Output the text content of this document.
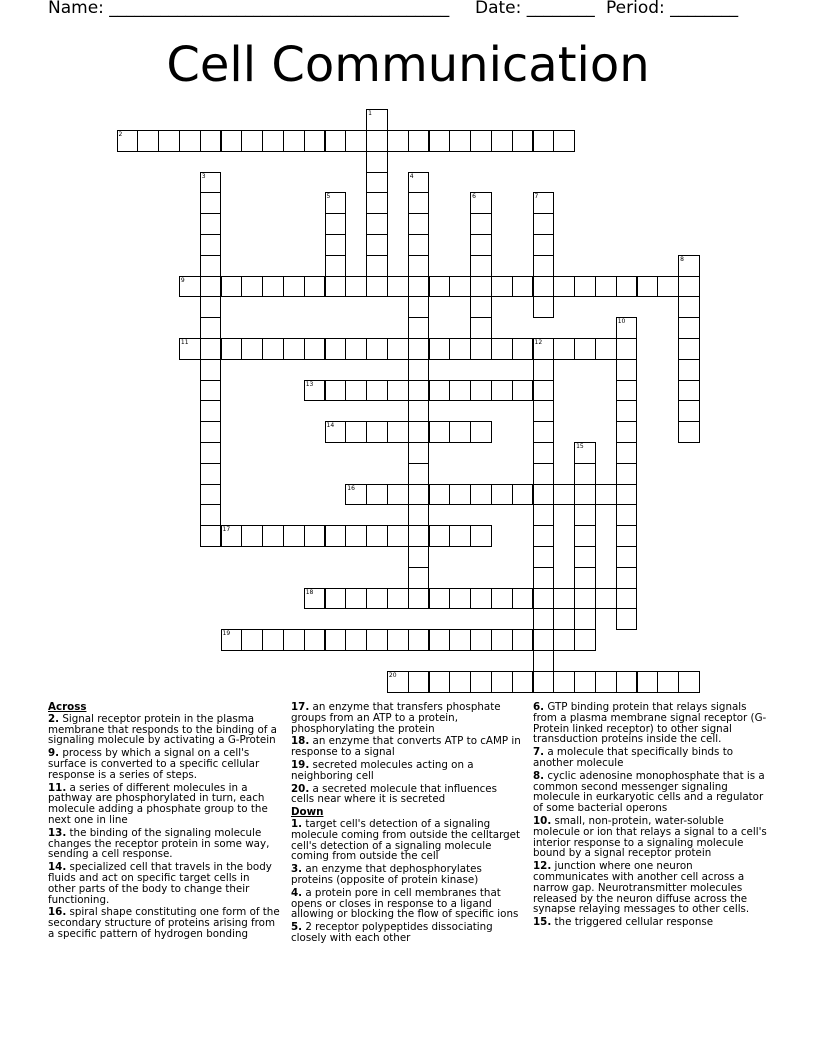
Name: ________________________________________ Date: ________ Period: ________
Cell Communication
2
9
11	12
13
14
16
17
18
19
20
1
3	4
5	6	7
8
10
15
Across
2. Signal receptor protein in the plasma membrane that responds to the binding of a signaling molecule by activating a G-Protein
9. process by which a signal on a cell's surface is converted to a specific cellular response is a series of steps.
11. a series of different molecules in a pathway are phosphorylated in turn, each molecule adding a phosphate group to the next one in line
13. the binding of the signaling molecule changes the receptor protein in some way, sending a cell response.
14. specialized cell that travels in the body fluids and act on specific target cells in other parts of the body to change their functioning.
16. spiral shape constituting one form of the secondary structure of proteins arising from a specific pattern of hydrogen bonding
17. an enzyme that transfers phosphate groups from an ATP to a protein, phosphorylating the protein
18. an enzyme that converts ATP to cAMP in response to a signal
19. secreted molecules acting on a neighboring cell
20. a secreted molecule that influences cells near where it is secreted
Down
1. target cell's detection of a signaling molecule coming from outside the celltarget cell's detection of a signaling molecule coming from outside the cell
3. an enzyme that dephosphorylates proteins (opposite of protein kinase)
4. a protein pore in cell membranes that opens or closes in response to a ligand allowing or blocking the flow of specific ions
5. 2 receptor polypeptides dissociating closely with each other
6. GTP binding protein that relays signals from a plasma membrane signal receptor (G-Protein linked receptor) to other signal transduction proteins inside the cell.
7. a molecule that specifically binds to another molecule
8. cyclic adenosine monophosphate that is a common second messenger signaling molecule in eurkaryotic cells and a regulator of some bacterial operons
10. small, non-protein, water-soluble molecule or ion that relays a signal to a cell's interior response to a signaling molecule bound by a signal receptor protein
12. junction where one neuron communicates with another cell across a narrow gap. Neurotransmitter molecules released by the neuron diffuse across the synapse relaying messages to other cells.
15. the triggered cellular response
